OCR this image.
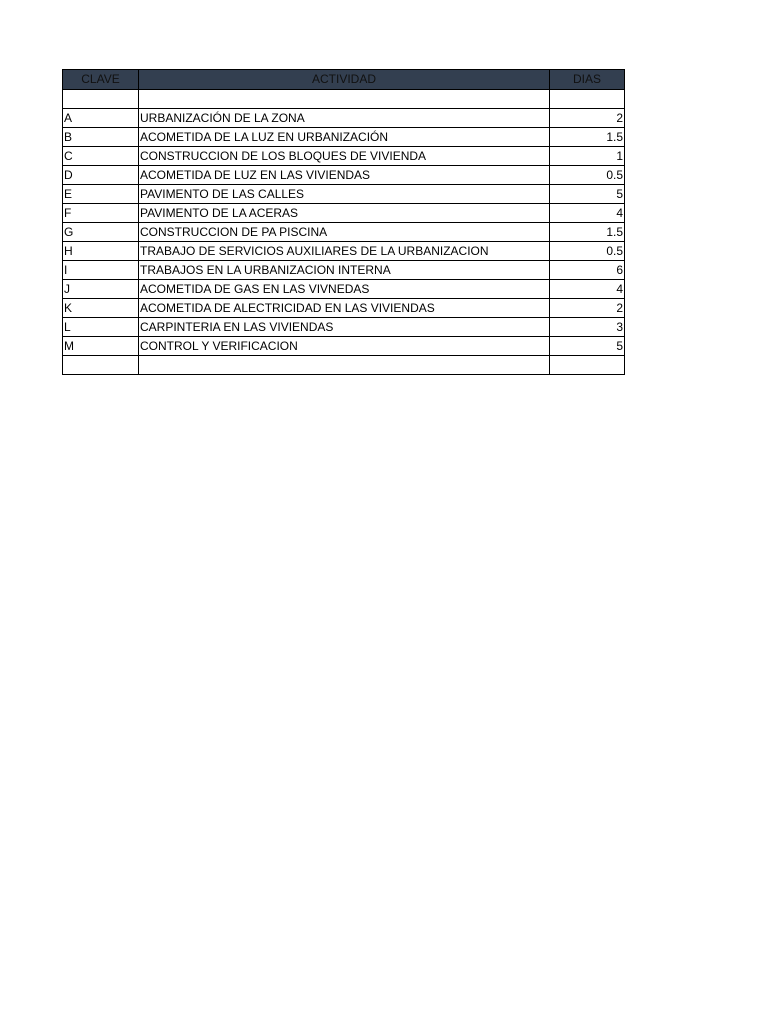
CLAVE	ACTIVIDAD	DIAS

A	URBANIZACIÓN DE LA ZONA	2
B	ACOMETIDA DE LA LUZ EN URBANIZACIÓN	1.5
C	CONSTRUCCION DE LOS BLOQUES DE VIVIENDA	1
D	ACOMETIDA DE LUZ EN LAS VIVIENDAS	0.5
E	PAVIMENTO DE LAS CALLES	5
F	PAVIMENTO DE LA ACERAS	4
G	CONSTRUCCION DE PA PISCINA	1.5
H	TRABAJO DE SERVICIOS AUXILIARES DE LA URBANIZACION	0.5
I	TRABAJOS EN LA URBANIZACION INTERNA	6
J	ACOMETIDA DE GAS EN LAS VIVNEDAS	4
K	ACOMETIDA DE ALECTRICIDAD EN LAS VIVIENDAS	2
L	CARPINTERIA EN LAS VIVIENDAS	3
M	CONTROL Y VERIFICACION	5
